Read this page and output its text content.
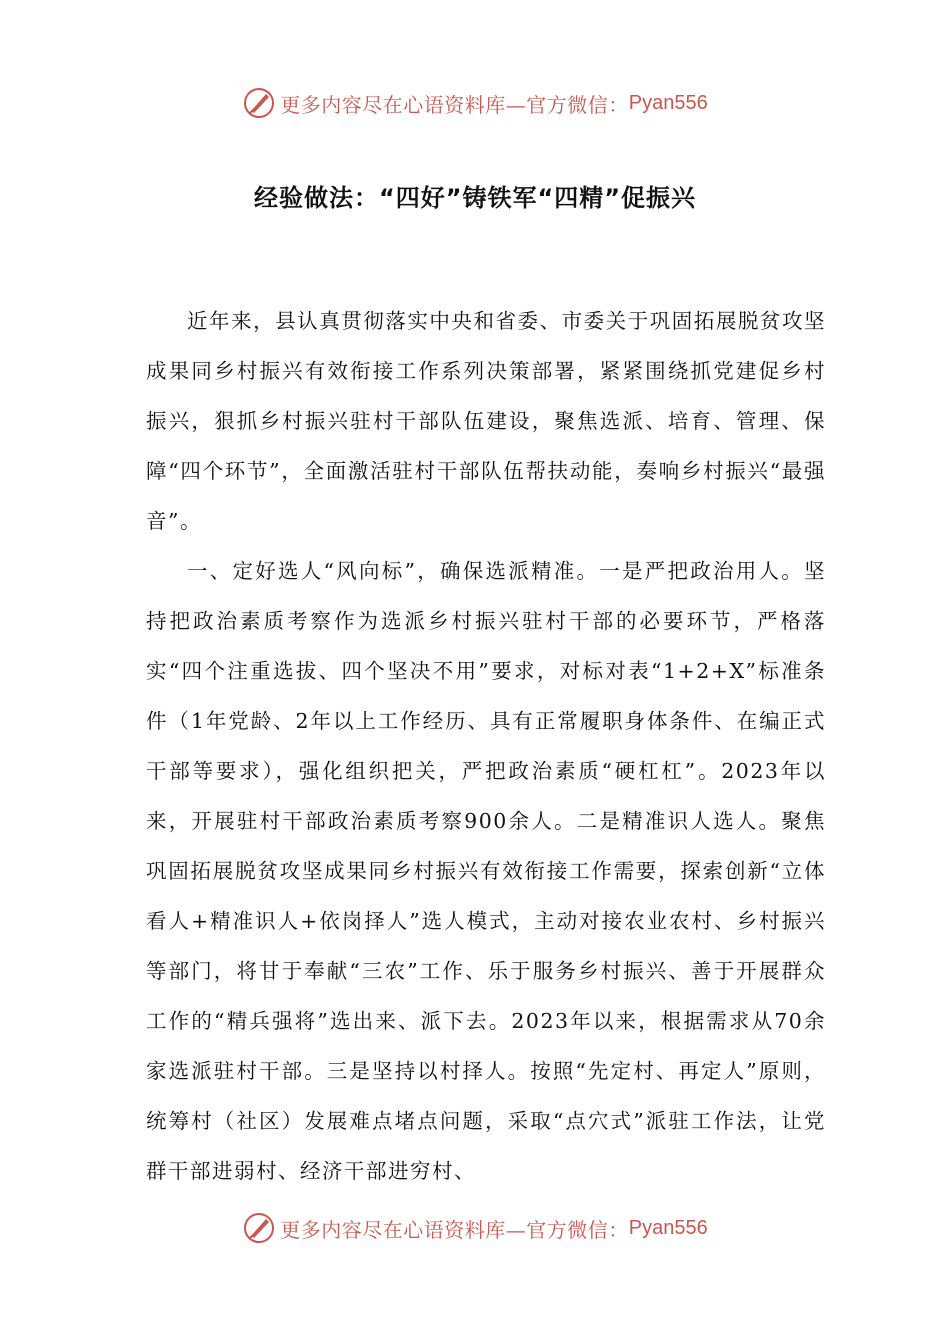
更多内容尽在心语资料库—官方微信： Pyan556
经验做法：“四好”铸铁军“四精”促振兴

近年来，县认真贯彻落实中央和省委、市委关于巩固拓展脱贫攻坚成果同乡村振兴有效衔接工作系列决策部署，紧紧围绕抓党建促乡村振兴，狠抓乡村振兴驻村干部队伍建设，聚焦选派、培育、管理、保障“四个环节”，全面激活驻村干部队伍帮扶动能，奏响乡村振兴“最强音”。

一、定好选人“风向标”，确保选派精准。一是严把政治用人。坚持把政治素质考察作为选派乡村振兴驻村干部的必要环节，严格落实“四个注重选拔、四个坚决不用”要求，对标对表“1+2+X”标准条件（1年党龄、2年以上工作经历、具有正常履职身体条件、在编正式干部等要求），强化组织把关，严把政治素质“硬杠杠”。2023年以来，开展驻村干部政治素质考察900余人。二是精准识人选人。聚焦巩固拓展脱贫攻坚成果同乡村振兴有效衔接工作需要，探索创新“立体看人+精准识人+依岗择人”选人模式，主动对接农业农村、乡村振兴等部门，将甘于奉献“三农”工作、乐于服务乡村振兴、善于开展群众工作的“精兵强将”选出来、派下去。2023年以来，根据需求从70余家选派驻村干部。三是坚持以村择人。按照“先定村、再定人”原则，统筹村（社区）发展难点堵点问题，采取“点穴式”派驻工作法，让党群干部进弱村、经济干部进穷村、

更多内容尽在心语资料库—官方微信： Pyan556
